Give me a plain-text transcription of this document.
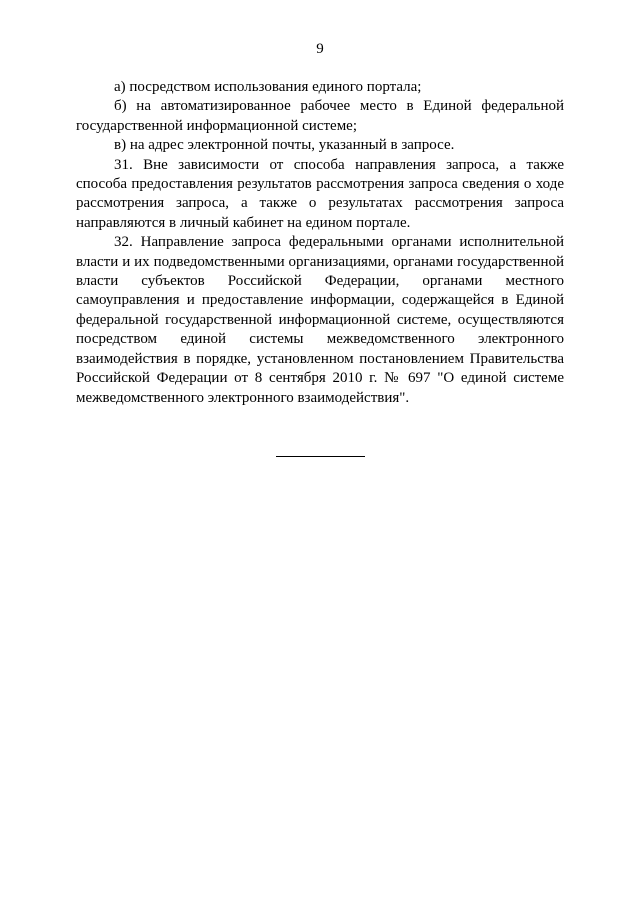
9

а) посредством использования единого портала;

б) на автоматизированное рабочее место в Единой федеральной государственной информационной системе;

в) на адрес электронной почты, указанный в запросе.

31. Вне зависимости от способа направления запроса, а также способа предоставления результатов рассмотрения запроса сведения о ходе рассмотрения запроса, а также о результатах рассмотрения запроса направляются в личный кабинет на едином портале.

32. Направление запроса федеральными органами исполнительной власти и их подведомственными организациями, органами государственной власти субъектов Российской Федерации, органами местного самоуправления и предоставление информации, содержащейся в Единой федеральной государственной информационной системе, осуществляются посредством единой системы межведомственного электронного взаимодействия в порядке, установленном постановлением Правительства Российской Федерации от 8 сентября 2010 г. № 697 "О единой системе межведомственного электронного взаимодействия".
